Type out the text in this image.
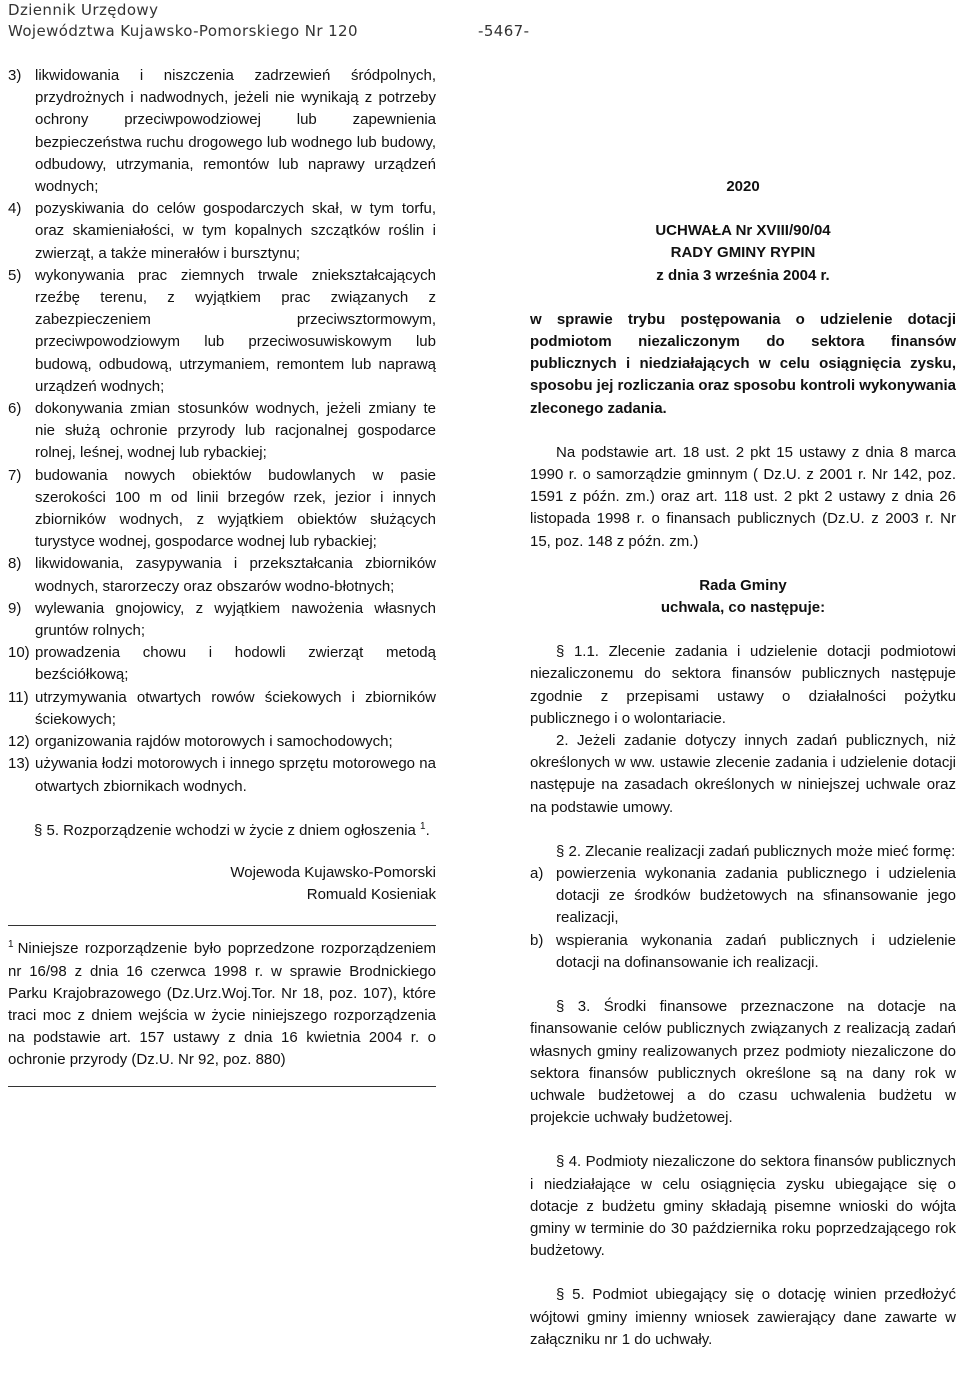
Dziennik Urzędowy
Województwa Kujawsko-Pomorskiego Nr 120	-5467-
3) likwidowania i niszczenia zadrzewień śródpolnych, przydrożnych i nadwodnych, jeżeli nie wynikają z potrzeby ochrony przeciwpowodziowej lub zapewnienia bezpieczeństwa ruchu drogowego lub wodnego lub budowy, odbudowy, utrzymania, remontów lub naprawy urządzeń wodnych;
4) pozyskiwania do celów gospodarczych skał, w tym torfu, oraz skamieniałości, w tym kopalnych szczątków roślin i zwierząt, a także minerałów i bursztynu;
5) wykonywania prac ziemnych trwale zniekształcających rzeźbę terenu, z wyjątkiem prac związanych z zabezpieczeniem przeciwsztormowym, przeciwpowodziowym lub przeciwosuwiskowym lub budową, odbudową, utrzymaniem, remontem lub naprawą urządzeń wodnych;
6) dokonywania zmian stosunków wodnych, jeżeli zmiany te nie służą ochronie przyrody lub racjonalnej gospodarce rolnej, leśnej, wodnej lub rybackiej;
7) budowania nowych obiektów budowlanych w pasie szerokości 100 m od linii brzegów rzek, jezior i innych zbiorników wodnych, z wyjątkiem obiektów służących turystyce wodnej, gospodarce wodnej lub rybackiej;
8) likwidowania, zasypywania i przekształcania zbiorników wodnych, starorzeczy oraz obszarów wodno-błotnych;
9) wylewania gnojowicy, z wyjątkiem nawożenia własnych gruntów rolnych;
10) prowadzenia chowu i hodowli zwierząt metodą bezściółkową;
11) utrzymywania otwartych rowów ściekowych i zbiorników ściekowych;
12) organizowania rajdów motorowych i samochodowych;
13) używania łodzi motorowych i innego sprzętu motorowego na otwartych zbiornikach wodnych.
§ 5. Rozporządzenie wchodzi w życie z dniem ogłoszenia $^1$.
Wojewoda Kujawsko-Pomorski
Romuald Kosieniak
$^1$ Niniejsze rozporządzenie było poprzedzone rozporządzeniem nr 16/98 z dnia 16 czerwca 1998 r. w sprawie Brodnickiego Parku Krajobrazowego (Dz.Urz.Woj.Tor. Nr 18, poz. 107), które traci moc z dniem wejścia w życie niniejszego rozporządzenia na podstawie art. 157 ustawy z dnia 16 kwietnia 2004 r. o ochronie przyrody (Dz.U. Nr 92, poz. 880)
2020
UCHWAŁA Nr XVIII/90/04
RADY GMINY RYPIN
z dnia 3 września 2004 r.
w sprawie trybu postępowania o udzielenie dotacji podmiotom niezaliczonym do sektora finansów publicznych i niedziałających w celu osiągnięcia zysku, sposobu jej rozliczania oraz sposobu kontroli wykonywania zleconego zadania.
Na podstawie art. 18 ust. 2 pkt 15 ustawy z dnia 8 marca 1990 r. o samorządzie gminnym ( Dz.U. z 2001 r. Nr 142, poz. 1591 z późn. zm.) oraz art. 118 ust. 2 pkt 2 ustawy z dnia 26 listopada 1998 r. o finansach publicznych (Dz.U. z 2003 r. Nr 15, poz. 148 z późn. zm.)
Rada Gminy
uchwala, co następuje:
§ 1.1. Zlecenie zadania i udzielenie dotacji podmiotowi niezaliczonemu do sektora finansów publicznych następuje zgodnie z przepisami ustawy o działalności pożytku publicznego i o wolontariacie.
2. Jeżeli zadanie dotyczy innych zadań publicznych, niż określonych w ww. ustawie zlecenie zadania i udzielenie dotacji następuje na zasadach określonych w niniejszej uchwale oraz na podstawie umowy.
§ 2. Zlecanie realizacji zadań publicznych może mieć formę:
a) powierzenia wykonania zadania publicznego i udzielenia dotacji ze środków budżetowych na sfinansowanie jego realizacji,
b) wspierania wykonania zadań publicznych i udzielenie dotacji na dofinansowanie ich realizacji.
§ 3. Środki finansowe przeznaczone na dotacje na finansowanie celów publicznych związanych z realizacją zadań własnych gminy realizowanych przez podmioty niezaliczone do sektora finansów publicznych określone są na dany rok w uchwale budżetowej a do czasu uchwalenia budżetu w projekcie uchwały budżetowej.
§ 4. Podmioty niezaliczone do sektora finansów publicznych i niedziałające w celu osiągnięcia zysku ubiegające się o dotacje z budżetu gminy składają pisemne wnioski do wójta gminy w terminie do 30 października roku poprzedzającego rok budżetowy.
§ 5. Podmiot ubiegający się o dotację winien przedłożyć wójtowi gminy imienny wniosek zawierający dane zawarte w załączniku nr 1 do uchwały.
